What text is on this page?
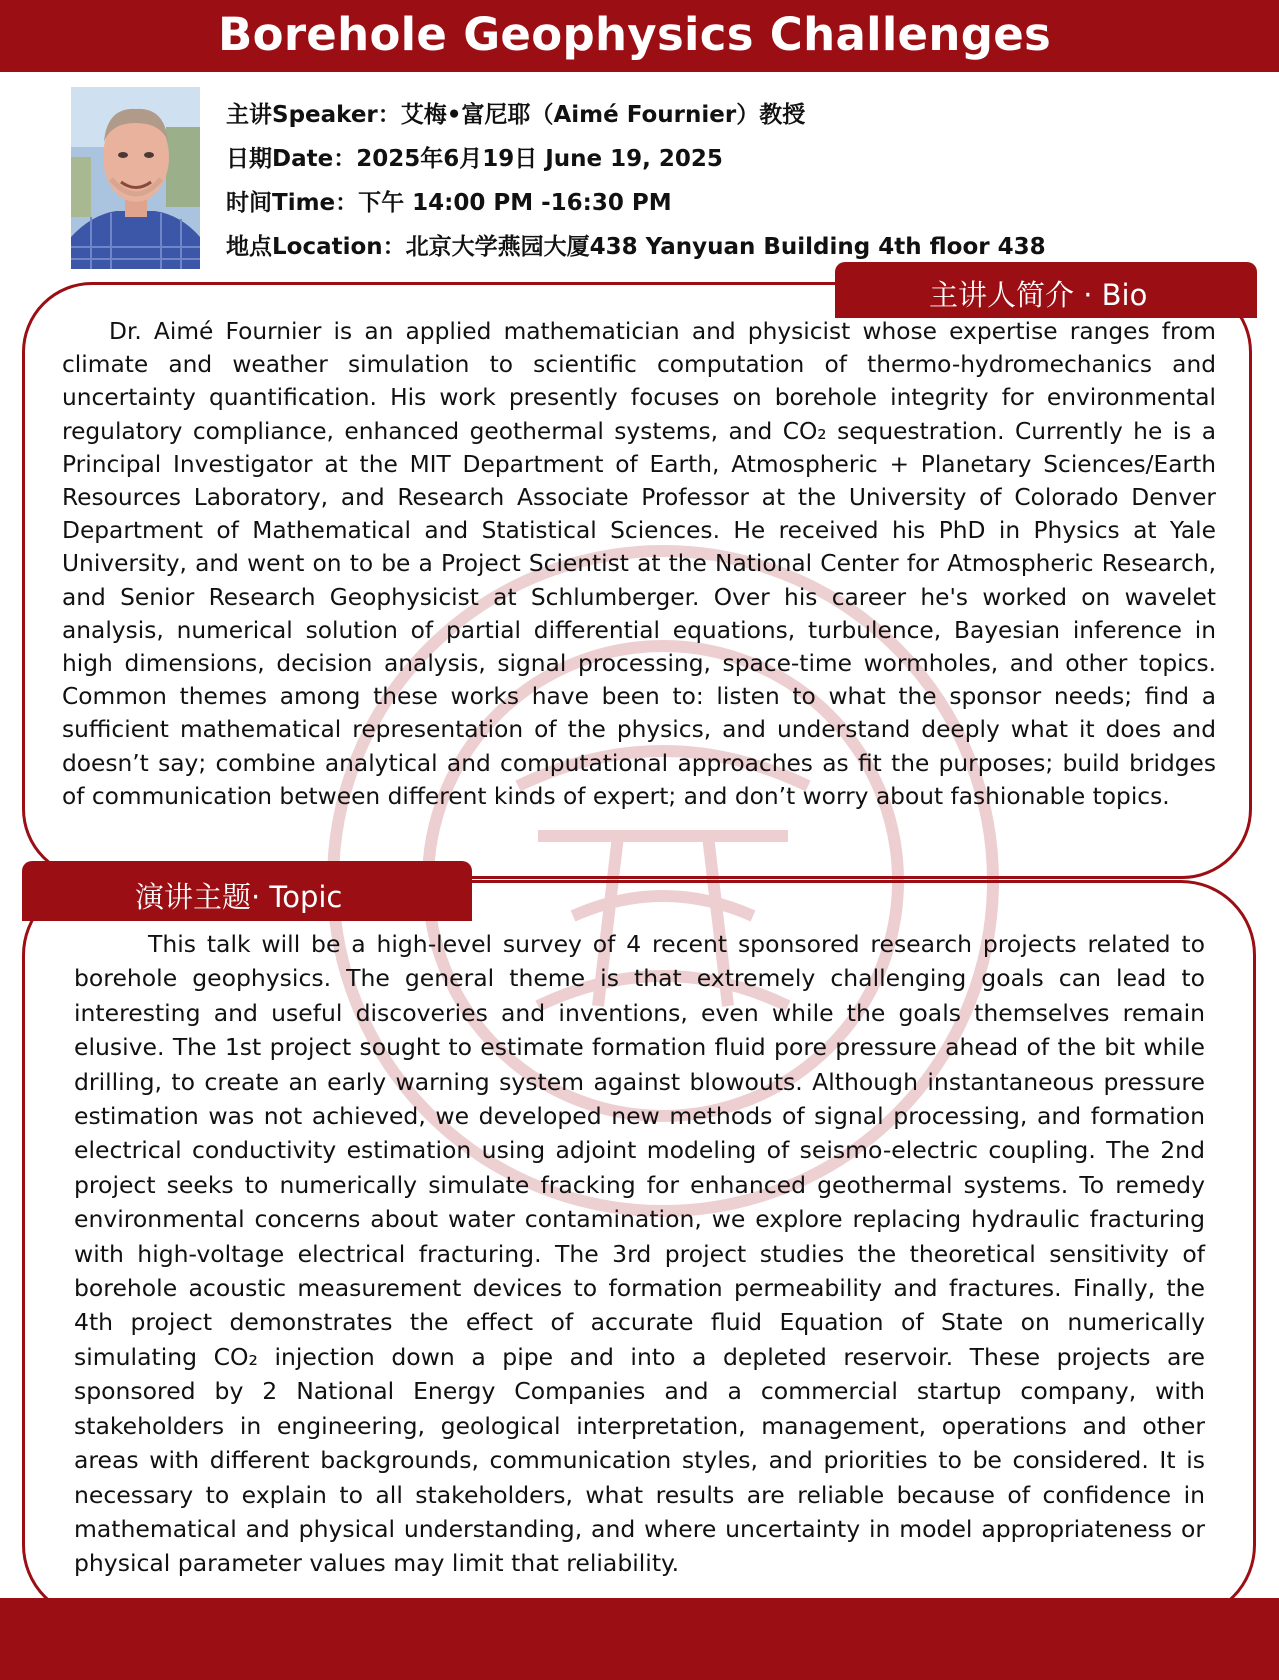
Borehole Geophysics Challenges
主讲Speaker：艾梅•富尼耶（Aimé Fournier）教授
日期Date：2025年6月19日 June 19, 2025
时间Time：下午 14:00 PM -16:30 PM
地点Location：北京大学燕园大厦438 Yanyuan Building 4th floor 438
主讲人简介 · Bio

Dr. Aimé Fournier is an applied mathematician and physicist whose expertise ranges from climate and weather simulation to scientific computation of thermo-hydromechanics and uncertainty quantification. His work presently focuses on borehole integrity for environmental regulatory compliance, enhanced geothermal systems, and CO₂ sequestration. Currently he is a Principal Investigator at the MIT Department of Earth, Atmospheric + Planetary Sciences/Earth Resources Laboratory, and Research Associate Professor at the University of Colorado Denver Department of Mathematical and Statistical Sciences. He received his PhD in Physics at Yale University, and went on to be a Project Scientist at the National Center for Atmospheric Research, and Senior Research Geophysicist at Schlumberger. Over his career he's worked on wavelet analysis, numerical solution of partial differential equations, turbulence, Bayesian inference in high dimensions, decision analysis, signal processing, space-time wormholes, and other topics. Common themes among these works have been to: listen to what the sponsor needs; find a sufficient mathematical representation of the physics, and understand deeply what it does and doesn’t say; combine analytical and computational approaches as fit the purposes; build bridges of communication between different kinds of expert; and don’t worry about fashionable topics.

演讲主题· Topic

This talk will be a high-level survey of 4 recent sponsored research projects related to borehole geophysics. The general theme is that extremely challenging goals can lead to interesting and useful discoveries and inventions, even while the goals themselves remain elusive. The 1st project sought to estimate formation fluid pore pressure ahead of the bit while drilling, to create an early warning system against blowouts. Although instantaneous pressure estimation was not achieved, we developed new methods of signal processing, and formation electrical conductivity estimation using adjoint modeling of seismo-electric coupling. The 2nd project seeks to numerically simulate fracking for enhanced geothermal systems. To remedy environmental concerns about water contamination, we explore replacing hydraulic fracturing with high-voltage electrical fracturing. The 3rd project studies the theoretical sensitivity of borehole acoustic measurement devices to formation permeability and fractures. Finally, the 4th project demonstrates the effect of accurate fluid Equation of State on numerically simulating CO₂ injection down a pipe and into a depleted reservoir. These projects are sponsored by 2 National Energy Companies and a commercial startup company, with stakeholders in engineering, geological interpretation, management, operations and other areas with different backgrounds, communication styles, and priorities to be considered. It is necessary to explain to all stakeholders, what results are reliable because of confidence in mathematical and physical understanding, and where uncertainty in model appropriateness or physical parameter values may limit that reliability.
